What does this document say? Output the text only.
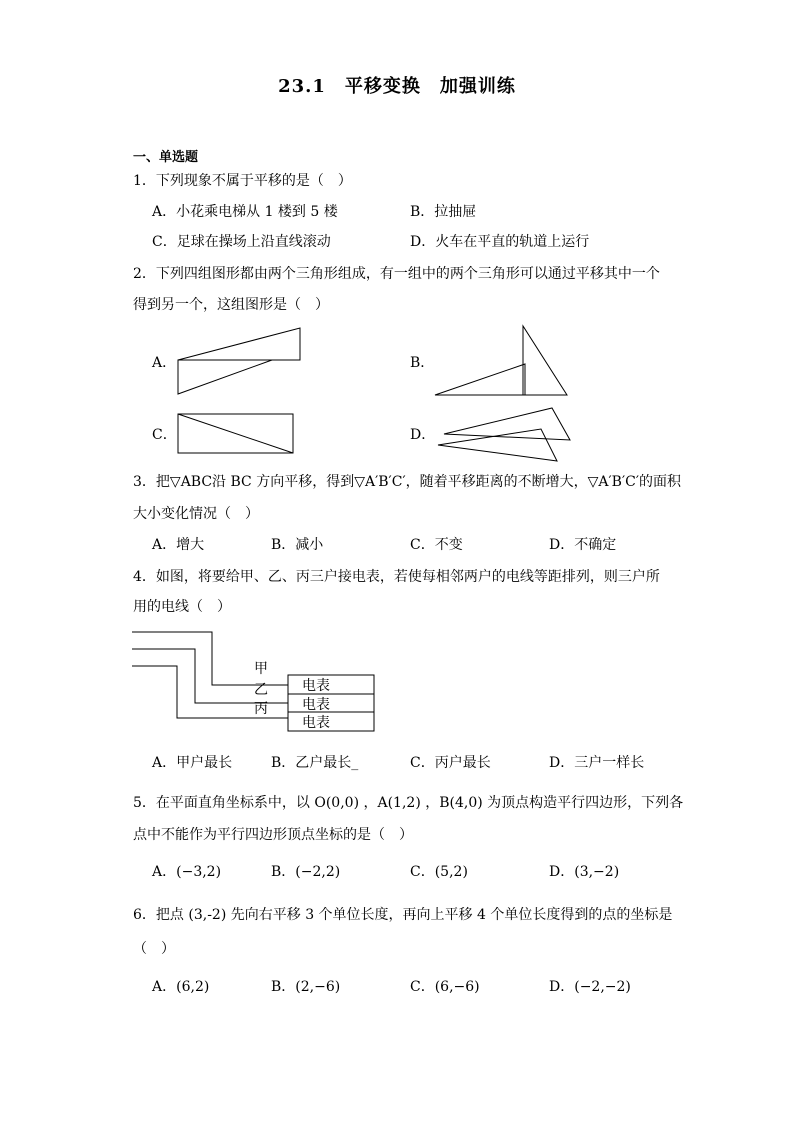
23.1　平移变换　加强训练
一、单选题
1．下列现象不属于平移的是（　）
A．小花乘电梯从 1 楼到 5 楼	B．拉抽屉
C．足球在操场上沿直线滚动	D．火车在平直的轨道上运行
2．下列四组图形都由两个三角形组成，有一组中的两个三角形可以通过平移其中一个
得到另一个，这组图形是（　）
A．	B．
C．	D．
3．把▽ABC沿 BC 方向平移，得到▽A′B′C′，随着平移距离的不断增大，▽A′B′C′的面积
大小变化情况（　）
A．增大	B．减小	C．不变	D．不确定
4．如图，将要给甲、乙、丙三户接电表，若使每相邻两户的电线等距排列，则三户所
用的电线（　）
甲
乙
丙
电表
电表
电表
A．甲户最长	B．乙户最长_	C．丙户最长	D．三户一样长
5．在平面直角坐标系中，以 O(0,0) ，A(1,2) ，B(4,0) 为顶点构造平行四边形，下列各
点中不能作为平行四边形顶点坐标的是（　）
A．(−3,2)	B．(−2,2)	C．(5,2)	D．(3,−2)
6．把点 (3,-2) 先向右平移 3 个单位长度，再向上平移 4 个单位长度得到的点的坐标是
（　）
A．(6,2)	B．(2,−6)	C．(6,−6)	D．(−2,−2)
